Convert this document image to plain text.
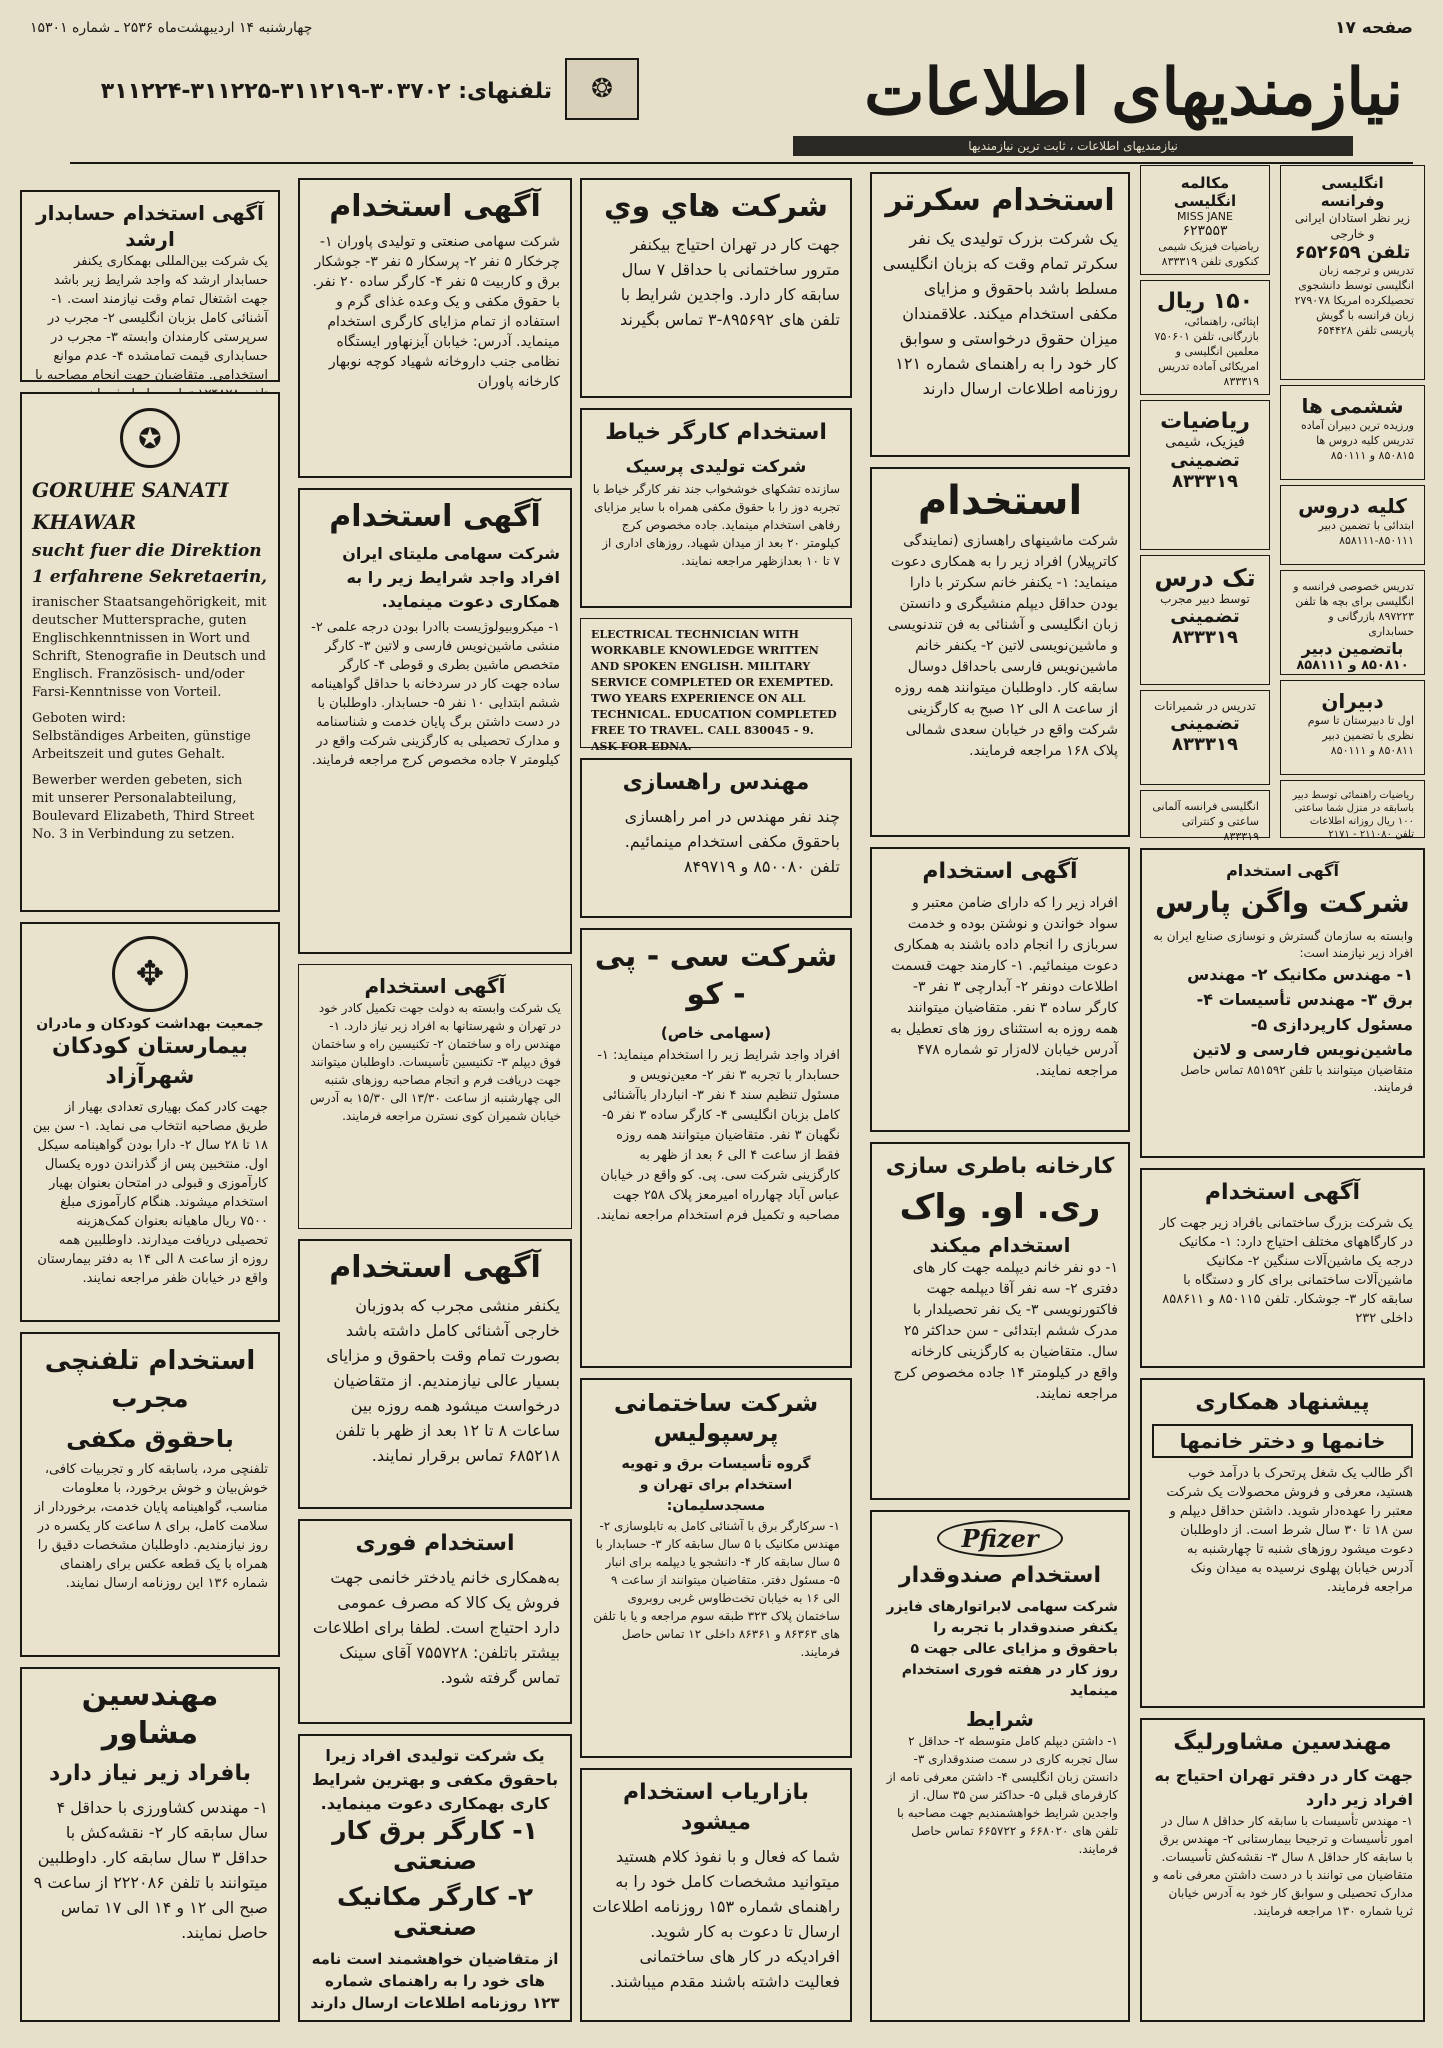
صفحه ۱۷
چهارشنبه ۱۴ اردیبهشت‌ماه ۲۵۳۶ ـ شماره ۱۵۳۰۱
نیازمندیهای اطلاعات
نیازمندیهای اطلاعات ، ثابت ترین نیازمندیها
❂
تلفنهای: ۳۰۳۷۰۲-۳۱۱۲۱۹-۳۱۱۲۲۵-۳۱۱۲۲۴
آگهی استخدام حسابدار ارشد
یک شرکت بین‌المللی بهمکاری یکنفر حسابدار ارشد که واجد شرایط زیر باشد جهت اشتغال تمام وقت نیازمند است. ۱- آشنائی کامل بزبان انگلیسی ۲- مجرب در سرپرستی کارمندان وابسته ۳- مجرب در حسابداری قیمت تمامشده ۴- عدم موانع استخدامی. متقاضیان جهت انجام مصاحبه با
✪
GORUHE SANATI KHAWAR
sucht fuer die Direktion
1 erfahrene Sekretaerin,
iranischer Staatsangehörigkeit, mit deutscher Muttersprache, guten Englischkenntnissen in Wort und Schrift, Stenografie in Deutsch und Englisch. Französisch- und/oder Farsi-Kenntnisse von Vorteil.
Geboten wird:
Selbständiges Arbeiten, günstige Arbeitszeit und gutes Gehalt.
Bewerber werden gebeten, sich mit unserer Personalabteilung, Boulevard Elizabeth, Third Street No. 3 in Verbindung zu setzen.
✥
جمعیت بهداشت کودکان و مادران
بیمارستان کودکان شهرآزاد
جهت کادر کمک بهیاری تعدادی بهیار از طریق مصاحبه انتخاب می نماید. ۱- سن بین ۱۸ تا ۲۸ سال ۲- دارا بودن گواهینامه سیکل اول. منتخبین پس از گذراندن دوره یکسال کارآموزی و قبولی در امتحان بعنوان بهیار استخدام میشوند. هنگام کارآموزی مبلغ ۷۵۰۰ ریال ماهیانه بعنوان کمک‌هزینه تحصیلی دریافت میدارند. داوطلبین همه روزه از ساعت ۸ الی ۱۴ به دفتر بیمارستان واقع در خیابان ظفر مراجعه نمایند.
استخدام تلفنچی مجرب
باحقوق مکفی
تلفنچی مرد، باسابقه کار و تجربیات کافی، خوش‌بیان و خوش برخورد، با معلومات مناسب، گواهینامه پایان خدمت، برخوردار از سلامت کامل، برای ۸ ساعت کار یکسره در روز نیازمندیم. داوطلبان مشخصات دقیق را همراه با یک قطعه عکس برای راهنمای شماره ۱۳۶ این روزنامه ارسال نمایند.
مهندسین مشاور
بافراد زیر نیاز دارد
۱- مهندس کشاورزی با حداقل ۴ سال سابقه کار ۲- نقشه‌کش با حداقل ۳ سال سابقه کار. داوطلبین میتوانند با تلفن ۲۲۲۰۸۶ از ساعت ۹ صبح الی ۱۲ و ۱۴ الی ۱۷ تماس حاصل نمایند.
آگهی استخدام
شرکت سهامی صنعتی و تولیدی پاوران ۱- چرخکار ۵ نفر ۲- پرسکار ۵ نفر ۳- جوشکار برق و کاربیت ۵ نفر ۴- کارگر ساده ۲۰ نفر. با حقوق مکفی و یک وعده غذای گرم و استفاده از تمام مزایای کارگری استخدام مینماید. آدرس: خیابان آیزنهاور ایستگاه نظامی جنب داروخانه شهیاد کوچه نوبهار کارخانه پاوران
آگهی استخدام
شرکت سهامی ملیتای ایران افراد واجد شرایط زیر را به همکاری دعوت مینماید.
۱- میکروبیولوژیست باادرا بودن درجه علمی ۲- منشی ماشین‌نویس فارسی و لاتین ۳- کارگر متخصص ماشین بطری و قوطی ۴- کارگر ساده جهت کار در سردخانه با حداقل گواهینامه ششم ابتدایی ۱۰ نفر ۵- حسابدار. داوطلبان با در دست داشتن برگ پایان خدمت و شناسنامه و مدارک تحصیلی به کارگزینی شرکت واقع در کیلومتر ۷ جاده مخصوص کرج مراجعه فرمایند.
آگهی استخدام
یک شرکت وابسته به دولت جهت تکمیل کادر خود در تهران و شهرستانها به افراد زیر نیاز دارد. ۱- مهندس راه و ساختمان ۲- تکنیسین راه و ساختمان فوق دیپلم ۳- تکنیسین تأسیسات. داوطلبان میتوانند جهت دریافت فرم و انجام مصاحبه روزهای شنبه الی چهارشنبه از ساعت ۱۳/۳۰ الی ۱۵/۳۰ به آدرس خیابان شمیران کوی نسترن مراجعه فرمایند.
آگهی استخدام
یکنفر منشی مجرب که بدوزبان خارجی آشنائی کامل داشته باشد بصورت تمام وقت باحقوق و مزایای بسیار عالی نیازمندیم. از متقاضیان درخواست میشود همه روزه بین ساعات ۸ تا ۱۲ بعد از ظهر با تلفن ۶۸۵۲۱۸ تماس برقرار نمایند.
استخدام فوری
به‌همکاری خانم یادختر خانمی جهت فروش یک کالا که مصرف عمومی دارد احتیاج است. لطفا برای اطلاعات بیشتر باتلفن: ۷۵۵۷۲۸ آقای سینک تماس گرفته شود.
یک شرکت تولیدی افراد زیرا باحقوق مکفی و بهترین شرایط کاری بهمکاری دعوت مینماید.
۱- کارگر برق کار صنعتی
۲- کارگر مکانیک صنعتی
از متقاضیان خواهشمند است نامه های خود را به راهنمای شماره ۱۲۳ روزنامه اطلاعات ارسال دارند
شرکت هاي وي
جهت کار در تهران احتیاج بیکنفر مترور ساختمانی با حداقل ۷ سال سابقه کار دارد. واجدین شرایط با تلفن های ۸۹۵۶۹۲-۳ تماس بگیرند
استخدام کارگر خیاط
شرکت تولیدی پرسیک
سازنده تشکهای خوشخواب جند نفر کارگر خیاط با تجربه دوز را با حقوق مکفی همراه با سایر مزایای رفاهی استخدام مینماید. جاده مخصوص کرج کیلومتر ۲۰ بعد از میدان شهیاد. روزهای اداری از ۷ تا ۱۰ بعدازظهر مراجعه نمایند.
ELECTRICAL TECHNICIAN WITH WORKABLE KNOWLEDGE WRITTEN AND SPOKEN ENGLISH. MILITARY SERVICE COMPLETED OR EXEMPTED. TWO YEARS EXPERIENCE ON ALL TECHNICAL. EDUCATION COMPLETED FREE TO TRAVEL. CALL 830045 - 9. ASK FOR EDNA.
مهندس راهسازی
چند نفر مهندس در امر راهسازی باحقوق مکفی استخدام مینمائیم. تلفن ۸۵۰۰۸۰ و ۸۴۹۷۱۹
شرکت سی - پی - کو
(سهامی خاص)
افراد واجد شرایط زیر را استخدام مینماید: ۱- حسابدار با تجربه ۳ نفر ۲- معین‌نویس و مسئول تنظیم سند ۴ نفر ۳- انباردار باآشنائی کامل بزبان انگلیسی ۴- کارگر ساده ۳ نفر ۵- نگهبان ۳ نفر. متقاضیان میتوانند همه روزه فقط از ساعت ۴ الی ۶ بعد از ظهر به کارگزینی شرکت سی. پی. کو واقع در خیابان عباس آباد چهارراه امیرمعز پلاک ۲۵۸ جهت مصاحبه و تکمیل فرم استخدام مراجعه نمایند.
شرکت ساختمانی پرسپولیس
گروه تأسیسات برق و تهویه استخدام برای تهران و مسجدسلیمان:
۱- سرکارگر برق با آشنائی کامل به تابلوسازی ۲- مهندس مکانیک با ۵ سال سابقه کار ۳- حسابدار با ۵ سال سابقه کار ۴- دانشجو یا دیپلمه برای انبار ۵- مسئول دفتر. متقاضیان میتوانند از ساعت ۹ الی ۱۶ به خیابان تخت‌طاوس غربی روبروی ساختمان پلاک ۳۲۳ طبقه سوم مراجعه و یا با تلفن های ۸۶۳۶۳ و ۸۶۳۶۱ داخلی ۱۲ تماس حاصل فرمایند.
بازاریاب استخدام میشود
شما که فعال و با نفوذ کلام هستید میتوانید مشخصات کامل خود را به راهنمای شماره ۱۵۳ روزنامه اطلاعات ارسال تا دعوت به کار شوید. افرادیکه در کار های ساختمانی فعالیت داشته باشند مقدم میباشند.
استخدام سکرتر
یک شرکت بزرک تولیدی یک نفر سکرتر تمام وقت که بزبان انگلیسی مسلط باشد باحقوق و مزایای مکفی استخدام میکند. علاقمندان میزان حقوق درخواستی و سوابق کار خود را به راهنمای شماره ۱۲۱ روزنامه اطلاعات ارسال دارند
استخدام
شرکت ماشینهای راهسازی (نمایندگی کاترپیلار) افراد زیر را به همکاری دعوت مینماید: ۱- یکنفر خانم سکرتر با دارا بودن حداقل دیپلم منشیگری و دانستن زبان انگلیسی و آشنائی به فن تندنویسی و ماشین‌نویسی لاتین ۲- یکنفر خانم ماشین‌نویس فارسی باحداقل دوسال سابقه کار. داوطلبان میتوانند همه روزه از ساعت ۸ الی ۱۲ صبح به کارگزینی شرکت واقع در خیابان سعدی شمالی پلاک ۱۶۸ مراجعه فرمایند.
آگهی استخدام
افراد زیر را که دارای ضامن معتبر و سواد خواندن و نوشتن بوده و خدمت سربازی را انجام داده باشند به همکاری دعوت مینمائیم. ۱- کارمند جهت قسمت اطلاعات دونفر ۲- آبدارچی ۳ نفر ۳- کارگر ساده ۳ نفر. متقاضیان میتوانند همه روزه به استثنای روز های تعطیل به آدرس خیابان لاله‌زار تو شماره ۴۷۸ مراجعه نمایند.
کارخانه باطری سازی
ری. او. واک
استخدام میکند
۱- دو نفر خانم دیپلمه جهت کار های دفتری ۲- سه نفر آقا دیپلمه جهت فاکتورنویسی ۳- یک نفر تحصیلدار با مدرک ششم ابتدائی - سن حداکثر ۲۵ سال. متقاضیان به کارگزینی کارخانه واقع در کیلومتر ۱۴ جاده مخصوص کرج مراجعه نمایند.
Pfizer
استخدام صندوقدار
شرکت سهامی لابراتوارهای فایزر یکنفر صندوقدار با تجربه را باحقوق و مزایای عالی جهت ۵ روز کار در هفته فوری استخدام مینماید
شرایط
۱- داشتن دیپلم کامل متوسطه ۲- حداقل ۲ سال تجربه کاری در سمت صندوقداری ۳- دانستن زبان انگلیسی ۴- داشتن معرفی نامه از کارفرمای قبلی ۵- حداکثر سن ۳۵ سال. از واجدین شرایط خواهشمندیم جهت مصاحبه با تلفن های ۶۶۸۰۲۰ و ۶۶۵۷۲۲ تماس حاصل فرمایند.
مکالمه انگلیسی
MISS JANE
۶۲۳۵۵۳
ریاضیات فیزیک شیمی کنکوری تلفن ۸۳۳۳۱۹
۱۵۰ ریال
اپتائی، راهنمائی، بازرگانی، تلفن ۷۵۰۶۰۱ معلمین انگلیسی و امریکائی آماده تدریس ۸۳۳۳۱۹
ریاضیات
فیزیک، شیمی
تضمینی
۸۳۳۳۱۹
تک درس
توسط دبیر مجرب
تضمینی
۸۳۳۳۱۹
تدریس در شمیرانات
تضمینی
۸۳۳۳۱۹
انگلیسی فرانسه آلمانی ساعتی و کنتراتی ۸۳۳۳۱۹
انگلیسی وفرانسه
زیر نظر استادان ایرانی و خارجی
تلفن ۶۵۲۶۵۹
تدریس و ترجمه زبان انگلیسی توسط دانشجوی تحصیلکرده امریکا ۲۷۹۰۷۸ زبان فرانسه با گویش پاریسی تلفن ۶۵۴۴۲۸
ششمی ها
ورزیده ترین دبیران آماده تدریس کلیه دروس ها ۸۵۰۸۱۵ و ۸۵۰۱۱۱
کلیه دروس
ابتدائی با تضمین دبیر ۸۵۰۱۱۱-۸۵۸۱۱۱
تدریس خصوصی فرانسه و انگلیسی برای بچه ها تلفن ۸۹۷۲۲۳ بازرگانی و حسابداری
باتضمین دبیر
۸۵۰۸۱۰ و ۸۵۸۱۱۱
دبیران
اول تا دبیرستان تا سوم نظری با تضمین دبیر ۸۵۰۸۱۱ و ۸۵۰۱۱۱
ریاضیات راهنمائی توسط دبیر باسابقه در منزل شما ساعتی ۱۰۰ ریال روزانه اطلاعات تلفن ۲۱۱۰۸۰ - ۲۱۷۱
آگهی استخدام
شرکت واگن پارس
وابسته به سازمان گسترش و نوسازی صنایع ایران به افراد زیر نیازمند است:
۱- مهندس مکانیک ۲- مهندس برق ۳- مهندس تأسیسات ۴- مسئول کارپردازی ۵- ماشین‌نویس فارسی و لاتین
متقاضیان میتوانند با تلفن ۸۵۱۵۹۲ تماس حاصل فرمایند.
آگهی استخدام
یک شرکت بزرگ ساختمانی بافراد زیر جهت کار در کارگاههای مختلف احتیاج دارد: ۱- مکانیک درجه یک ماشین‌آلات سنگین ۲- مکانیک ماشین‌آلات ساختمانی برای کار و دستگاه با سابقه کار ۳- جوشکار. تلفن ۸۵۰۱۱۵ و ۸۵۸۶۱۱ داخلی ۲۳۲
پیشنهاد همکاری
خانمها و دختر خانمها
اگر طالب یک شغل پرتحرک با درآمد خوب هستید، معرفی و فروش محصولات یک شرکت معتبر را عهده‌دار شوید. داشتن حداقل دیپلم و سن ۱۸ تا ۳۰ سال شرط است. از داوطلبان دعوت میشود روزهای شنبه تا چهارشنبه به آدرس خیابان پهلوی نرسیده به میدان ونک مراجعه فرمایند.
مهندسین مشاورلیگ
جهت کار در دفتر تهران احتیاج به افراد زیر دارد
۱- مهندس تأسیسات با سابقه کار حداقل ۸ سال در امور تأسیسات و ترجیحا بیمارستانی ۲- مهندس برق با سابقه کار حداقل ۸ سال ۳- نقشه‌کش تأسیسات. متقاضیان می توانند با در دست داشتن معرفی نامه و مدارک تحصیلی و سوابق کار خود به آدرس خیابان ثریا شماره ۱۳۰ مراجعه فرمایند.
